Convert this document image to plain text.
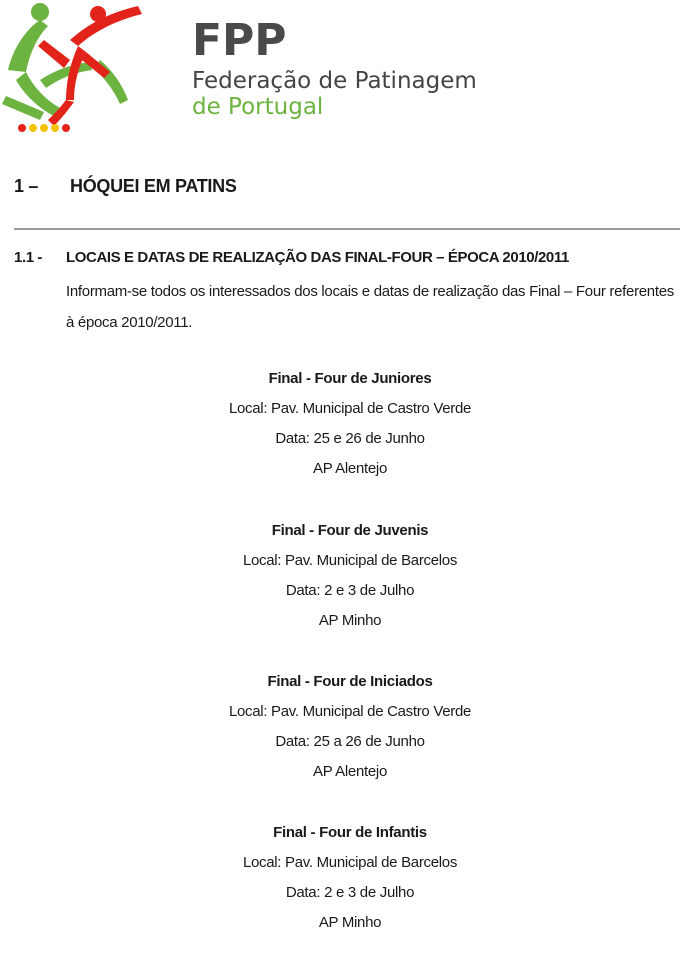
FPP
Federação de Patinagem
de Portugal
1 – HÓQUEI EM PATINS
1.1 - LOCAIS E DATAS DE REALIZAÇÃO DAS FINAL-FOUR – ÉPOCA 2010/2011
Informam-se todos os interessados dos locais e datas de realização das Final – Four referentes
à época 2010/2011.
Final - Four de Juniores
Local: Pav. Municipal de Castro Verde
Data: 25 e 26 de Junho
AP Alentejo
Final - Four de Juvenis
Local: Pav. Municipal de Barcelos
Data: 2 e 3 de Julho
AP Minho
Final - Four de Iniciados
Local: Pav. Municipal de Castro Verde
Data: 25 a 26 de Junho
AP Alentejo
Final - Four de Infantis
Local: Pav. Municipal de Barcelos
Data: 2 e 3 de Julho
AP Minho
